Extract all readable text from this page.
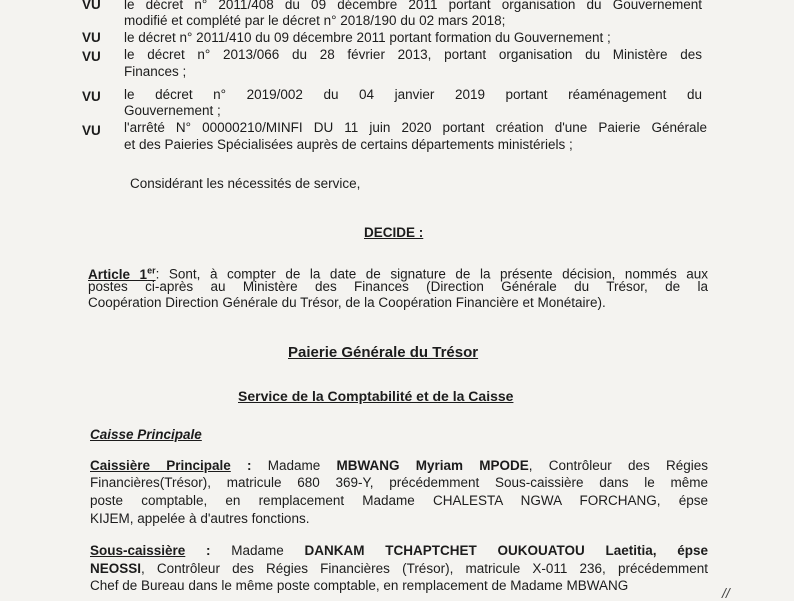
VU le décret n° 2011/408 du 09 décembre 2011 portant organisation du Gouvernement
modifié et complété par le décret n° 2018/190 du 02 mars 2018;
VU le décret n° 2011/410 du 09 décembre 2011 portant formation du Gouvernement ;
VU le décret n° 2013/066 du 28 février 2013, portant organisation du Ministère des
Finances ;
VU le décret n° 2019/002 du 04 janvier 2019 portant réaménagement du
Gouvernement ;
VU l'arrêté N° 00000210/MINFI DU 11 juin 2020 portant création d'une Paierie Générale
et des Paieries Spécialisées auprès de certains départements ministériels ;
Considérant les nécessités de service,
DECIDE :
Article 1er: Sont, à compter de la date de signature de la présente décision, nommés aux
postes ci-après au Ministère des Finances (Direction Générale du Trésor, de la
Coopération Direction Générale du Trésor, de la Coopération Financière et Monétaire).
Paierie Générale du Trésor
Service de la Comptabilité et de la Caisse
Caisse Principale
Caissière Principale : Madame MBWANG Myriam MPODE, Contrôleur des Régies
Financières(Trésor), matricule 680 369-Y, précédemment Sous-caissière dans le même
poste comptable, en remplacement Madame CHALESTA NGWA FORCHANG, épse
KIJEM, appelée à d'autres fonctions.
Sous-caissière : Madame DANKAM TCHAPTCHET OUKOUATOU Laetitia, épse
NEOSSI, Contrôleur des Régies Financières (Trésor), matricule X-011 236, précédemment
Chef de Bureau dans le même poste comptable, en remplacement de Madame MBWANG	//
